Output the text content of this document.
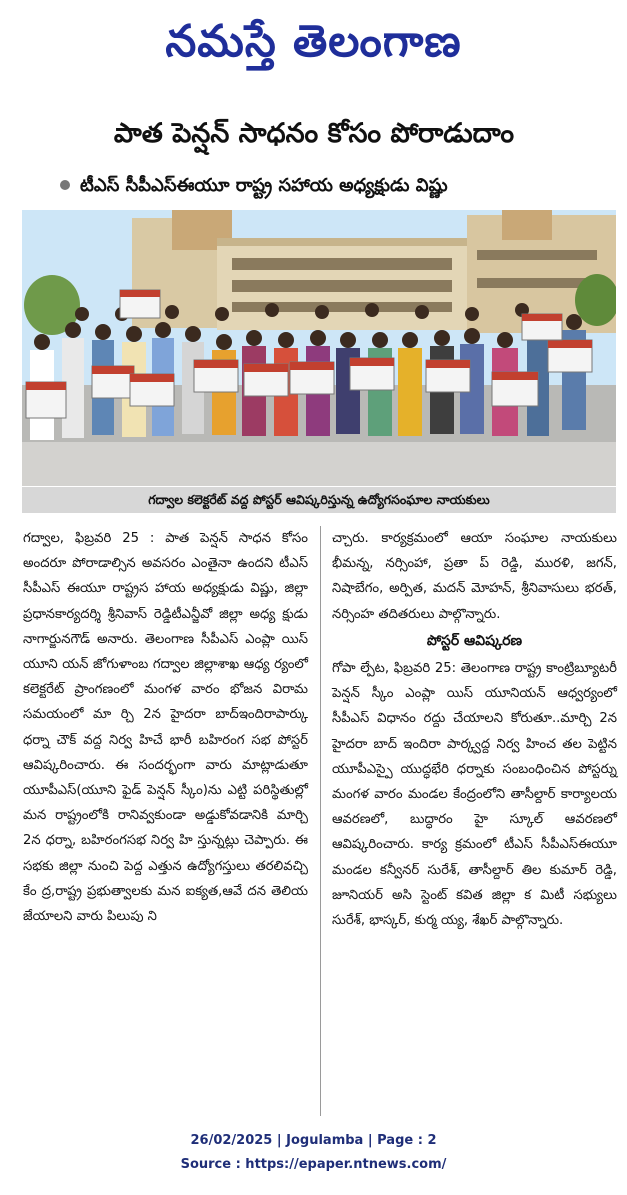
నమస్తే తెలంగాణ
పాత పెన్షన్ సాధనం కోసం పోరాడుదాం
టీఎస్ సీపీఎస్ఈయూ రాష్ట్ర సహాయ అధ్యక్షుడు విష్ణు
గద్వాల కలెక్టరేట్ వద్ద పోస్టర్ ఆవిష్కరిస్తున్న ఉద్యోగసంఘాల నాయకులు

గద్వాల, ఫిబ్రవరి 25 : పాత పెన్షన్ సాధన కోసం అందరూ పోరాడాల్సిన అవసరం ఎంతైనా ఉందని టీఎస్ సీపీఎస్ ఈయూ రాష్ట్రస హాయ అధ్యక్షుడు విష్ణు, జిల్లా ప్రధానకార్యదర్శి శ్రీనివాస్ రెడ్డిటీఎన్జీవో జిల్లా అధ్య క్షుడు నాగార్జునగౌడ్ అనారు. తెలంగాణ సీపీఎస్ ఎంప్లా యిస్ యూని యన్ జోగుళాంబ గద్వాల జిల్లాశాఖ ఆధ్య ర్యంలో కలెక్టరేట్ ప్రాంగణంలో మంగళ వారం భోజన విరామ సమయంలో మా ర్చి 2న హైదరా బాద్ఇందిరాపార్కు ధర్నా చౌక్ వద్ద నిర్వ హిచే భారీ బహిరంగ సభ పోస్టర్ ఆవిష్కరించారు. ఈ సందర్భంగా వారు మాట్లాడుతూ యూపీఎస్(యూని ఫైడ్ పెన్షన్ స్కీం)ను ఎట్టి పరిస్థితుల్లో మన రాష్ట్రంలోకి రానివ్వకుండా అడ్డుకోవడానికి మార్చి 2న ధర్నా, బహిరంగసభ నిర్వ హి స్తున్నట్లు చెప్పారు. ఈ సభకు జిల్లా నుంచి పెద్ద ఎత్తున ఉద్యోగస్తులు తరలివచ్చి కేం ద్ర,రాష్ట్ర ప్రభుత్వాలకు మన ఐక్యత,ఆవే దన తెలియ జేయాలని వారు పిలుపు ని

చ్చారు. కార్యక్రమంలో ఆయా సంఘాల నాయకులు భీమన్న, నర్సింహా, ప్రతా ప్ రెడ్డి, మురళి, జగన్, నిషాబేగం, అర్పిత, మదన్ మోహన్, శ్రీనివాసులు భరత్, నర్సింహ తదితరులు పాల్గొన్నారు.

పోస్టర్ ఆవిష్కరణ

గోపా ల్పేట, ఫిబ్రవరి 25: తెలంగాణ రాష్ట్ర కాంట్రిబ్యూటరీ పెన్షన్ స్కీం ఎంప్లా యిస్ యూనియన్ ఆధ్వర్యంలో సీపీఎస్ విధానం రద్దు చేయాలని కోరుతూ..మార్చి 2న హైదరా బాద్ ఇందిరా పార్క్వద్ద నిర్వ హించ తల పెట్టిన యూపీఎస్పై యుద్ధభేరి ధర్నాకు సంబంధించిన పోస్టర్ను మంగళ వారం మండల కేంద్రంలోని తాసీల్దార్ కార్యాలయ ఆవరణలో, బుద్ధారం హై స్కూల్ ఆవరణలో ఆవిష్కరించారు. కార్య క్రమంలో టీఎస్ సీపీఎస్ఈయూ మండల కన్వీనర్ సురేశ్, తాసీల్దార్ తిల కుమార్ రెడ్డి, జూనియర్ అసి స్టెంట్ కవిత జిల్లా క మిటీ సభ్యులు సురేశ్, భాస్కర్, కుర్మ య్య, శేఖర్ పాల్గొన్నారు.

26/02/2025 | Jogulamba | Page : 2
Source : https://epaper.ntnews.com/
